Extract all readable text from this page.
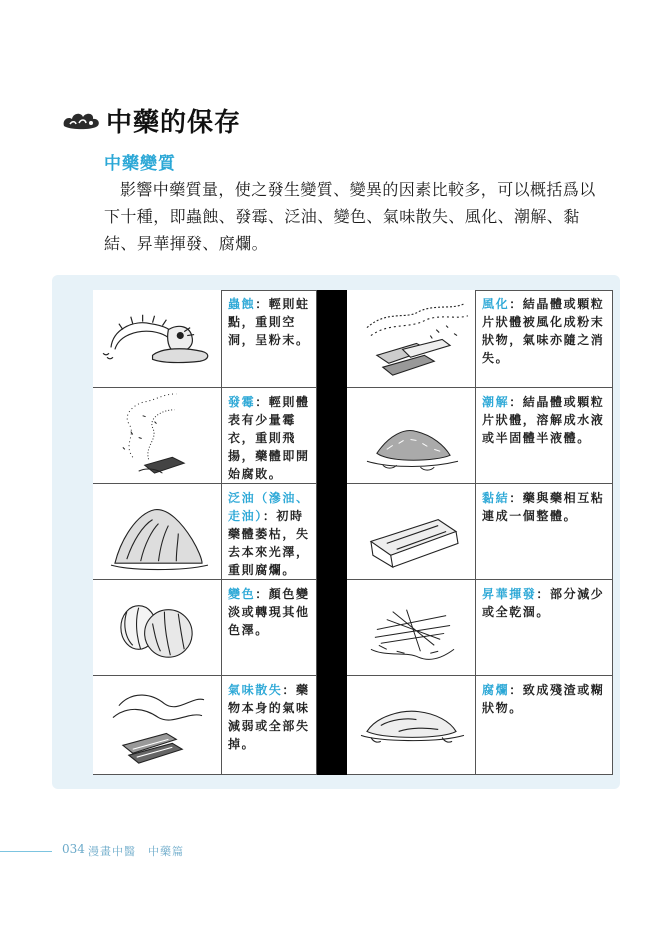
中藥的保存
中藥變質

影響中藥質量，使之發生變質、變異的因素比較多，可以概括爲以下十種，即蟲蝕、發霉、泛油、變色、氣味散失、風化、潮解、黏結、昇華揮發、腐爛。

蟲蝕：輕則蛀點，重則空洞，呈粉末。
風化：結晶體或顆粒片狀體被風化成粉末狀物，氣味亦隨之消失。
發霉：輕則體表有少量霉衣，重則飛揚，藥體即開始腐敗。
潮解：結晶體或顆粒片狀體，溶解成水液或半固體半液體。
泛油（滲油、走油）：初時藥體萎枯，失去本來光澤，重則腐爛。
黏結：藥與藥相互粘連成一個整體。
變色：顏色變淡或轉現其他色澤。
昇華揮發：部分減少或全乾涸。
氣味散失：藥物本身的氣味減弱或全部失掉。
腐爛：致成殘渣或糊狀物。
034 漫畫中醫 中藥篇
